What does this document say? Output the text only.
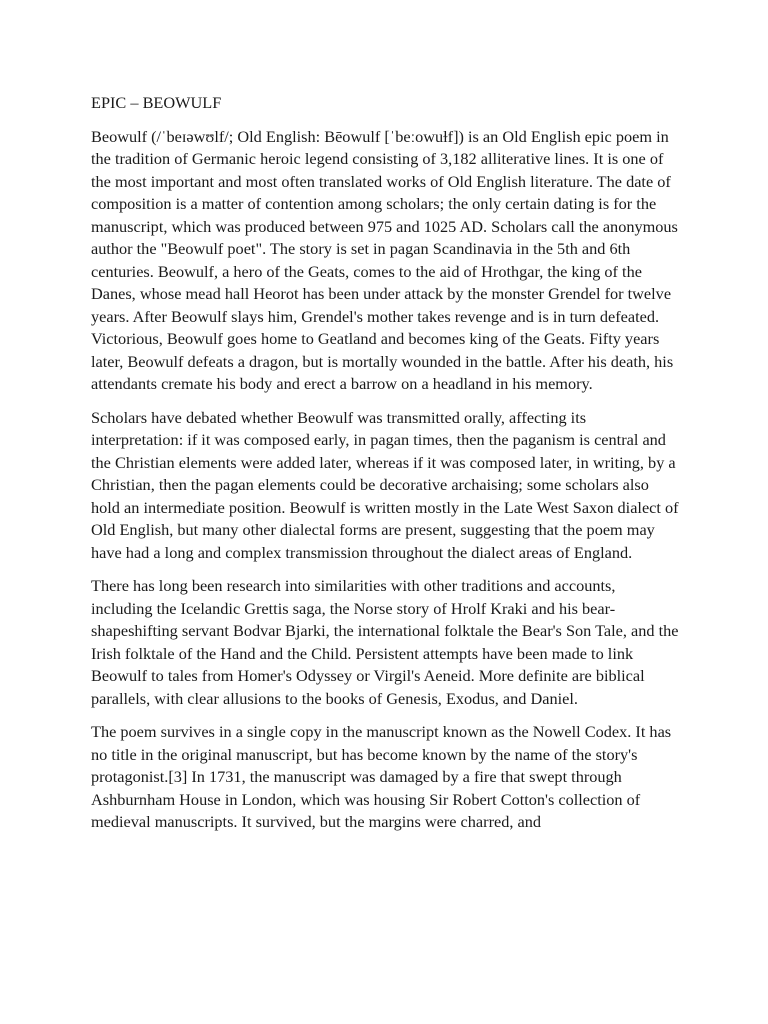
EPIC – BEOWULF

Beowulf (/ˈbeɪəwʊlf/; Old English: Bēowulf [ˈbeːowuɫf]) is an Old English epic poem in the tradition of Germanic heroic legend consisting of 3,182 alliterative lines. It is one of the most important and most often translated works of Old English literature. The date of composition is a matter of contention among scholars; the only certain dating is for the manuscript, which was produced between 975 and 1025 AD. Scholars call the anonymous author the "Beowulf poet". The story is set in pagan Scandinavia in the 5th and 6th centuries. Beowulf, a hero of the Geats, comes to the aid of Hrothgar, the king of the Danes, whose mead hall Heorot has been under attack by the monster Grendel for twelve years. After Beowulf slays him, Grendel's mother takes revenge and is in turn defeated. Victorious, Beowulf goes home to Geatland and becomes king of the Geats. Fifty years later, Beowulf defeats a dragon, but is mortally wounded in the battle. After his death, his attendants cremate his body and erect a barrow on a headland in his memory.

Scholars have debated whether Beowulf was transmitted orally, affecting its interpretation: if it was composed early, in pagan times, then the paganism is central and the Christian elements were added later, whereas if it was composed later, in writing, by a Christian, then the pagan elements could be decorative archaising; some scholars also hold an intermediate position. Beowulf is written mostly in the Late West Saxon dialect of Old English, but many other dialectal forms are present, suggesting that the poem may have had a long and complex transmission throughout the dialect areas of England.

There has long been research into similarities with other traditions and accounts, including the Icelandic Grettis saga, the Norse story of Hrolf Kraki and his bear-shapeshifting servant Bodvar Bjarki, the international folktale the Bear's Son Tale, and the Irish folktale of the Hand and the Child. Persistent attempts have been made to link Beowulf to tales from Homer's Odyssey or Virgil's Aeneid. More definite are biblical parallels, with clear allusions to the books of Genesis, Exodus, and Daniel.

The poem survives in a single copy in the manuscript known as the Nowell Codex. It has no title in the original manuscript, but has become known by the name of the story's protagonist.[3] In 1731, the manuscript was damaged by a fire that swept through Ashburnham House in London, which was housing Sir Robert Cotton's collection of medieval manuscripts. It survived, but the margins were charred, and
